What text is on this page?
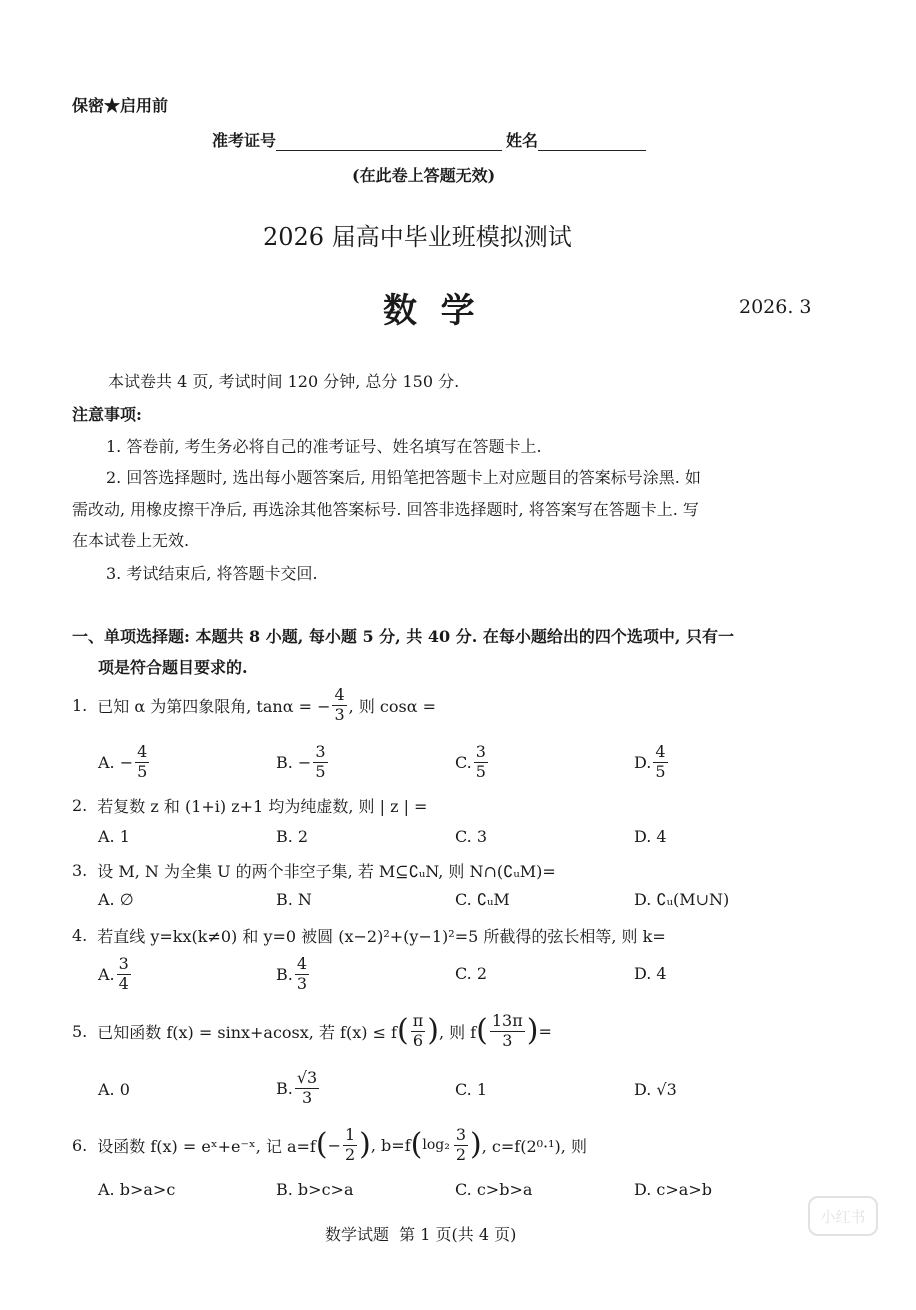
保密★启用前
准考证号	姓名
(在此卷上答题无效)
2026 届高中毕业班模拟测试
数  学	2026. 3
本试卷共 4 页, 考试时间 120 分钟, 总分 150 分.
注意事项:
1. 答卷前, 考生务必将自己的准考证号、姓名填写在答题卡上.
2. 回答选择题时, 选出每小题答案后, 用铅笔把答题卡上对应题目的答案标号涂黑. 如
需改动, 用橡皮擦干净后, 再选涂其他答案标号. 回答非选择题时, 将答案写在答题卡上. 写
在本试卷上无效.
3. 考试结束后, 将答题卡交回.
一、单项选择题: 本题共 8 小题, 每小题 5 分, 共 40 分. 在每小题给出的四个选项中, 只有一
项是符合题目要求的.
1. 已知 α 为第四象限角, tanα = − $\frac{4}{3}$ , 则 cosα =
A. − $\frac{4}{5}$	B. − $\frac{3}{5}$	C. $\frac{3}{5}$	D. $\frac{4}{5}$
2. 若复数 z 和 (1+i) z+1 均为纯虚数, 则 | z | =
A. 1	B. 2	C. 3	D. 4
3. 设 M, N 为全集 U 的两个非空子集, 若 M⊆∁ᵤN, 则 N∩(∁ᵤM)=
A. ∅	B. N	C. ∁ᵤM	D. ∁ᵤ(M∪N)
4. 若直线 y=kx(k≠0) 和 y=0 被圆 (x−2)²+(y−1)²=5 所截得的弦长相等, 则 k=
A. $\frac{3}{4}$	B. $\frac{4}{3}$	C. 2	D. 4
5. 已知函数 f(x) = sinx+acosx, 若 f(x) ≤ f ( $\frac{\pi}{6}$ ) , 则 f ( $\frac{13\pi}{3}$ ) =
A. 0	B. $\frac{√3}{3}$	C. 1	D. √3
6. 设函数 f(x) = eˣ+e⁻ˣ, 记 a=f ( − $\frac{1}{2}$ ) , b=f ( $\log_2 \frac{3}{2}$ ) , c=f(2⁰·¹), 则
A. b>a>c	B. b>c>a	C. c>b>a	D. c>a>b
数学试题  第 1 页(共 4 页)
小红书
